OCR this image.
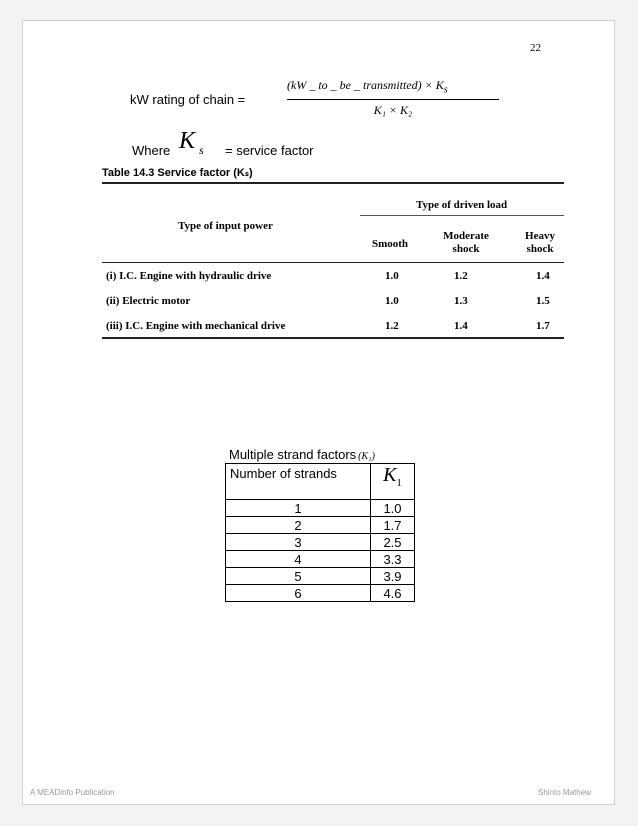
22
kW rating of chain =
(kW _ to _ be _ transmitted) × $K_s$
K₁ × K₂
Where K $_s$ = service factor
Table 14.3 Service factor (Kₛ)
Type of driven load
Type of input power
Smooth
Moderate shock
Heavy shock
(i) I.C. Engine with hydraulic drive	1.0	1.2	1.4
(ii) Electric motor	1.0	1.3	1.5
(iii) I.C. Engine with mechanical drive	1.2	1.4	1.7
Multiple strand factors (K₁)
Number of strands	$K_1$
1	1.0
2	1.7
3	2.5
4	3.3
5	3.9
6	4.6
A MEADinfo Publication	Shinto Mathew
